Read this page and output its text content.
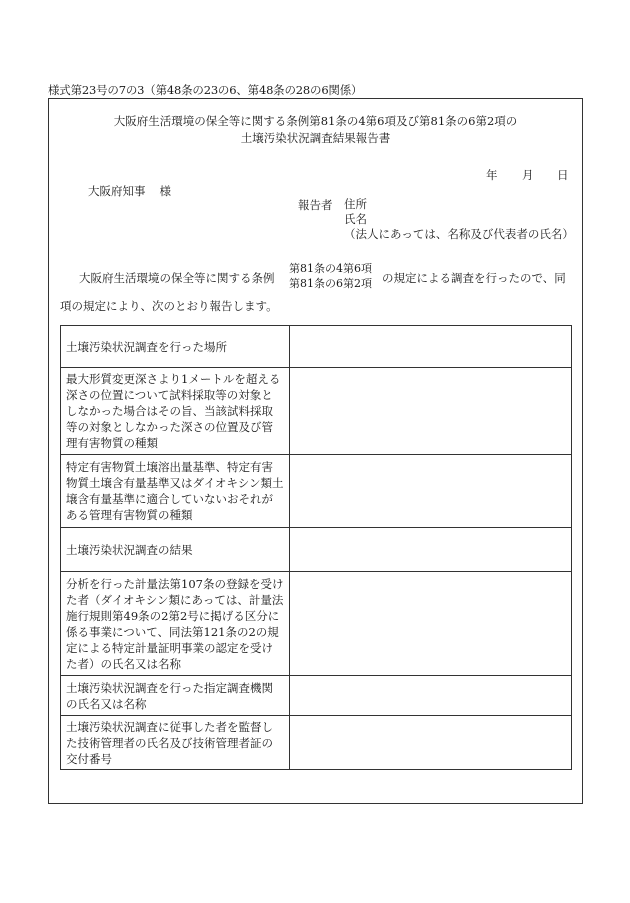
様式第23号の7の3（第48条の23の6、第48条の28の6関係）
大阪府生活環境の保全等に関する条例第81条の4第6項及び第81条の6第2項の
土壌汚染状況調査結果報告書
年 月 日
大阪府知事 様
報告者 住所
氏名
（法人にあっては、名称及び代表者の氏名）
大阪府生活環境の保全等に関する条例
第81条の4第6項
第81条の6第2項 の規定による調査を行ったので、同
項の規定により、次のとおり報告します。
土壌汚染状況調査を行った場所	
最大形質変更深さより1メートルを超える深さの位置について試料採取等の対象としなかった場合はその旨、当該試料採取等の対象としなかった深さの位置及び管理有害物質の種類	
特定有害物質土壌溶出量基準、特定有害物質土壌含有量基準又はダイオキシン類土壌含有量基準に適合していないおそれがある管理有害物質の種類	
土壌汚染状況調査の結果	
分析を行った計量法第107条の登録を受けた者（ダイオキシン類にあっては、計量法施行規則第49条の2第2号に掲げる区分に係る事業について、同法第121条の2の規定による特定計量証明事業の認定を受けた者）の氏名又は名称	
土壌汚染状況調査を行った指定調査機関の氏名又は名称	
土壌汚染状況調査に従事した者を監督した技術管理者の氏名及び技術管理者証の交付番号	
